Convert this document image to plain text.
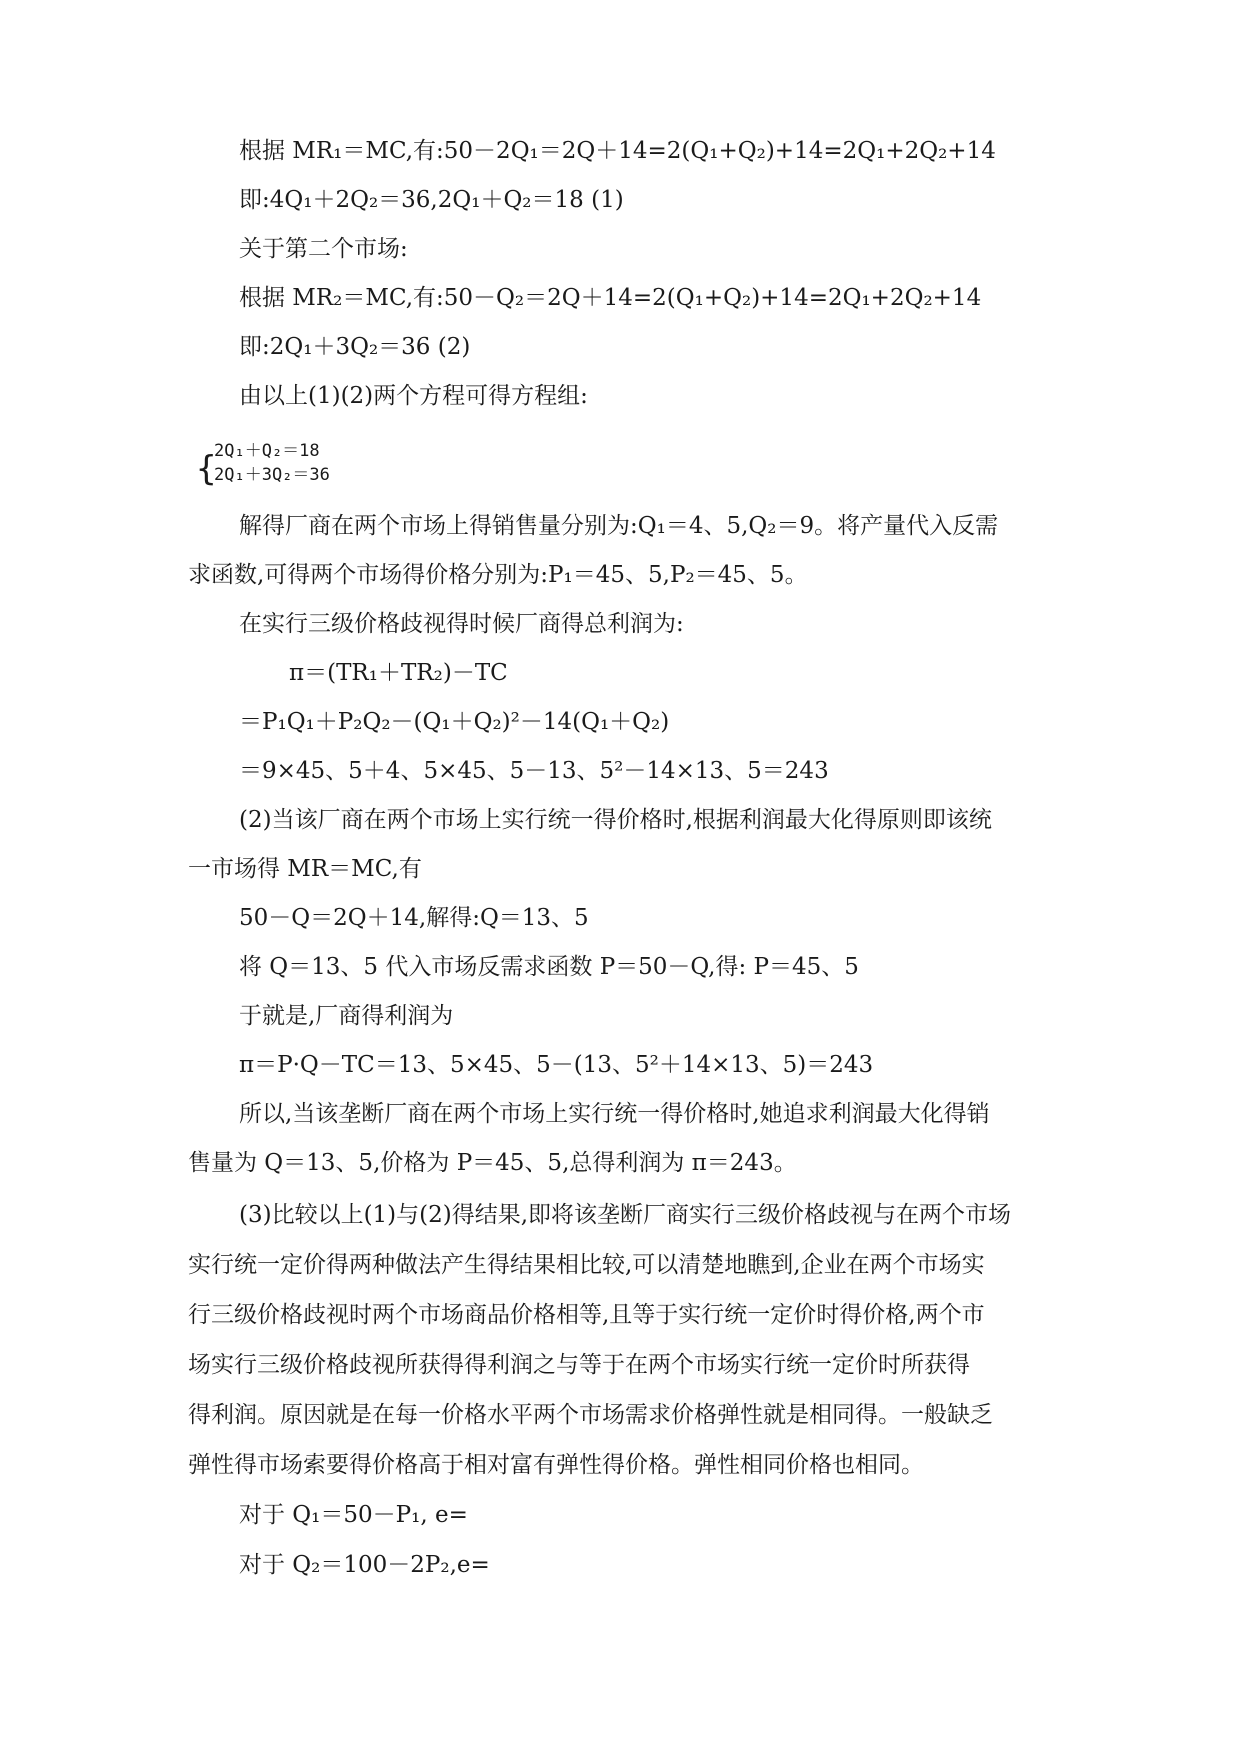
根据 MR₁＝MC,有:50－2Q₁＝2Q＋14=2(Q₁+Q₂)+14=2Q₁+2Q₂+14
即:4Q₁＋2Q₂＝36,2Q₁＋Q₂＝18 (1)
关于第二个市场:
根据 MR₂＝MC,有:50－Q₂＝2Q＋14=2(Q₁+Q₂)+14=2Q₁+2Q₂+14
即:2Q₁＋3Q₂＝36 (2)
由以上(1)(2)两个方程可得方程组:
{
2Q₁＋Q₂＝18
2Q₁＋3Q₂＝36
解得厂商在两个市场上得销售量分别为:Q₁＝4、5,Q₂＝9。将产量代入反需
求函数,可得两个市场得价格分别为:P₁＝45、5,P₂＝45、5。
在实行三级价格歧视得时候厂商得总利润为:
π＝(TR₁＋TR₂)－TC
＝P₁Q₁＋P₂Q₂－(Q₁＋Q₂)²－14(Q₁＋Q₂)
＝9×45、5＋4、5×45、5－13、5²－14×13、5＝243
(2)当该厂商在两个市场上实行统一得价格时,根据利润最大化得原则即该统
一市场得 MR＝MC,有
50－Q＝2Q＋14,解得:Q＝13、5
将 Q＝13、5 代入市场反需求函数 P＝50－Q,得: P＝45、5
于就是,厂商得利润为
π＝P·Q－TC＝13、5×45、5－(13、5²＋14×13、5)＝243
所以,当该垄断厂商在两个市场上实行统一得价格时,她追求利润最大化得销
售量为 Q＝13、5,价格为 P＝45、5,总得利润为 π＝243。
(3)比较以上(1)与(2)得结果,即将该垄断厂商实行三级价格歧视与在两个市场
实行统一定价得两种做法产生得结果相比较,可以清楚地瞧到,企业在两个市场实
行三级价格歧视时两个市场商品价格相等,且等于实行统一定价时得价格,两个市
场实行三级价格歧视所获得得利润之与等于在两个市场实行统一定价时所获得
得利润。原因就是在每一价格水平两个市场需求价格弹性就是相同得。一般缺乏
弹性得市场索要得价格高于相对富有弹性得价格。弹性相同价格也相同。
对于 Q₁＝50－P₁, e=
对于 Q₂＝100－2P₂,e=
